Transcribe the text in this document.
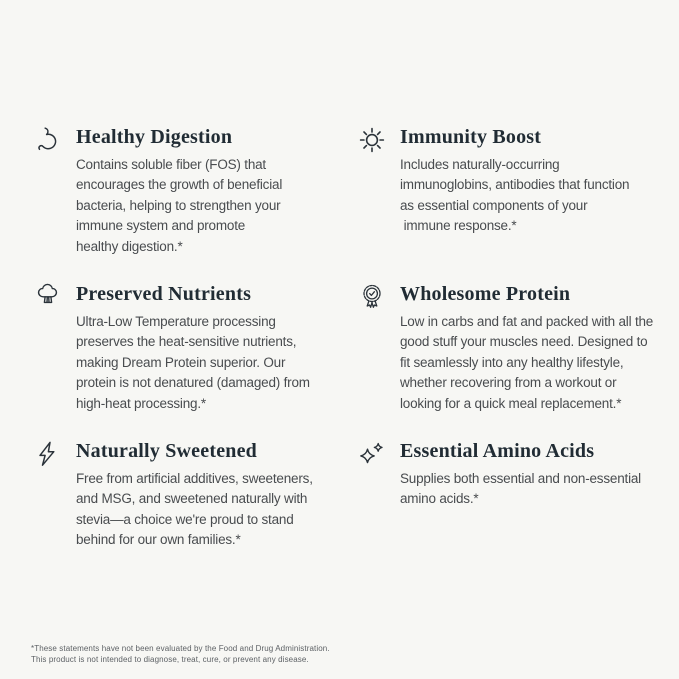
Healthy Digestion
Contains soluble fiber (FOS) that
encourages the growth of beneficial
bacteria, helping to strengthen your
immune system and promote
healthy digestion.*
Immunity Boost
Includes naturally-occurring
immunoglobins, antibodies that function
as essential components of your
immune response.*
Preserved Nutrients
Ultra-Low Temperature processing
preserves the heat-sensitive nutrients,
making Dream Protein superior. Our
protein is not denatured (damaged) from
high-heat processing.*
Wholesome Protein
Low in carbs and fat and packed with all the
good stuff your muscles need. Designed to
fit seamlessly into any healthy lifestyle,
whether recovering from a workout or
looking for a quick meal replacement.*
Naturally Sweetened
Free from artificial additives, sweeteners,
and MSG, and sweetened naturally with
stevia—a choice we're proud to stand
behind for our own families.*
Essential Amino Acids
Supplies both essential and non-essential
amino acids.*
*These statements have not been evaluated by the Food and Drug Administration.
This product is not intended to diagnose, treat, cure, or prevent any disease.
